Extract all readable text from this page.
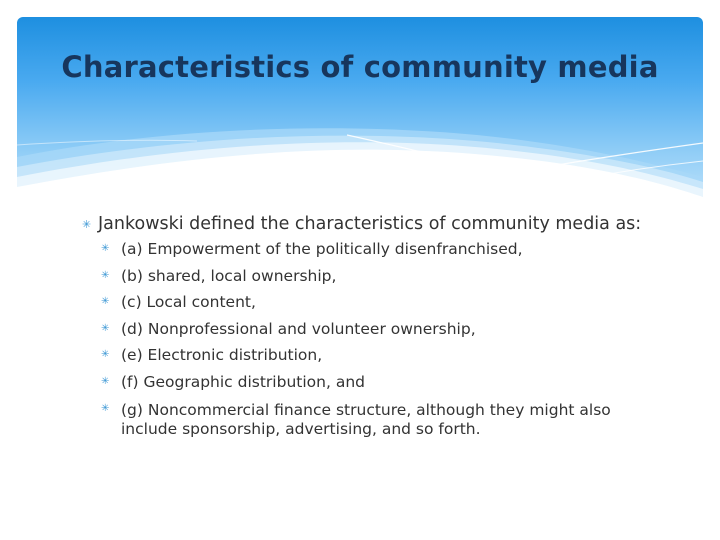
Characteristics of community media

✳ Jankowski defined the characteristics of community media as:

✳ (a) Empowerment of the politically disenfranchised,
✳ (b) shared, local ownership,
✳ (c) Local content,
✳ (d) Nonprofessional and volunteer ownership,
✳ (e) Electronic distribution,
✳ (f) Geographic distribution, and
✳ (g) Noncommercial finance structure, although they might also include sponsorship, advertising, and so forth.
